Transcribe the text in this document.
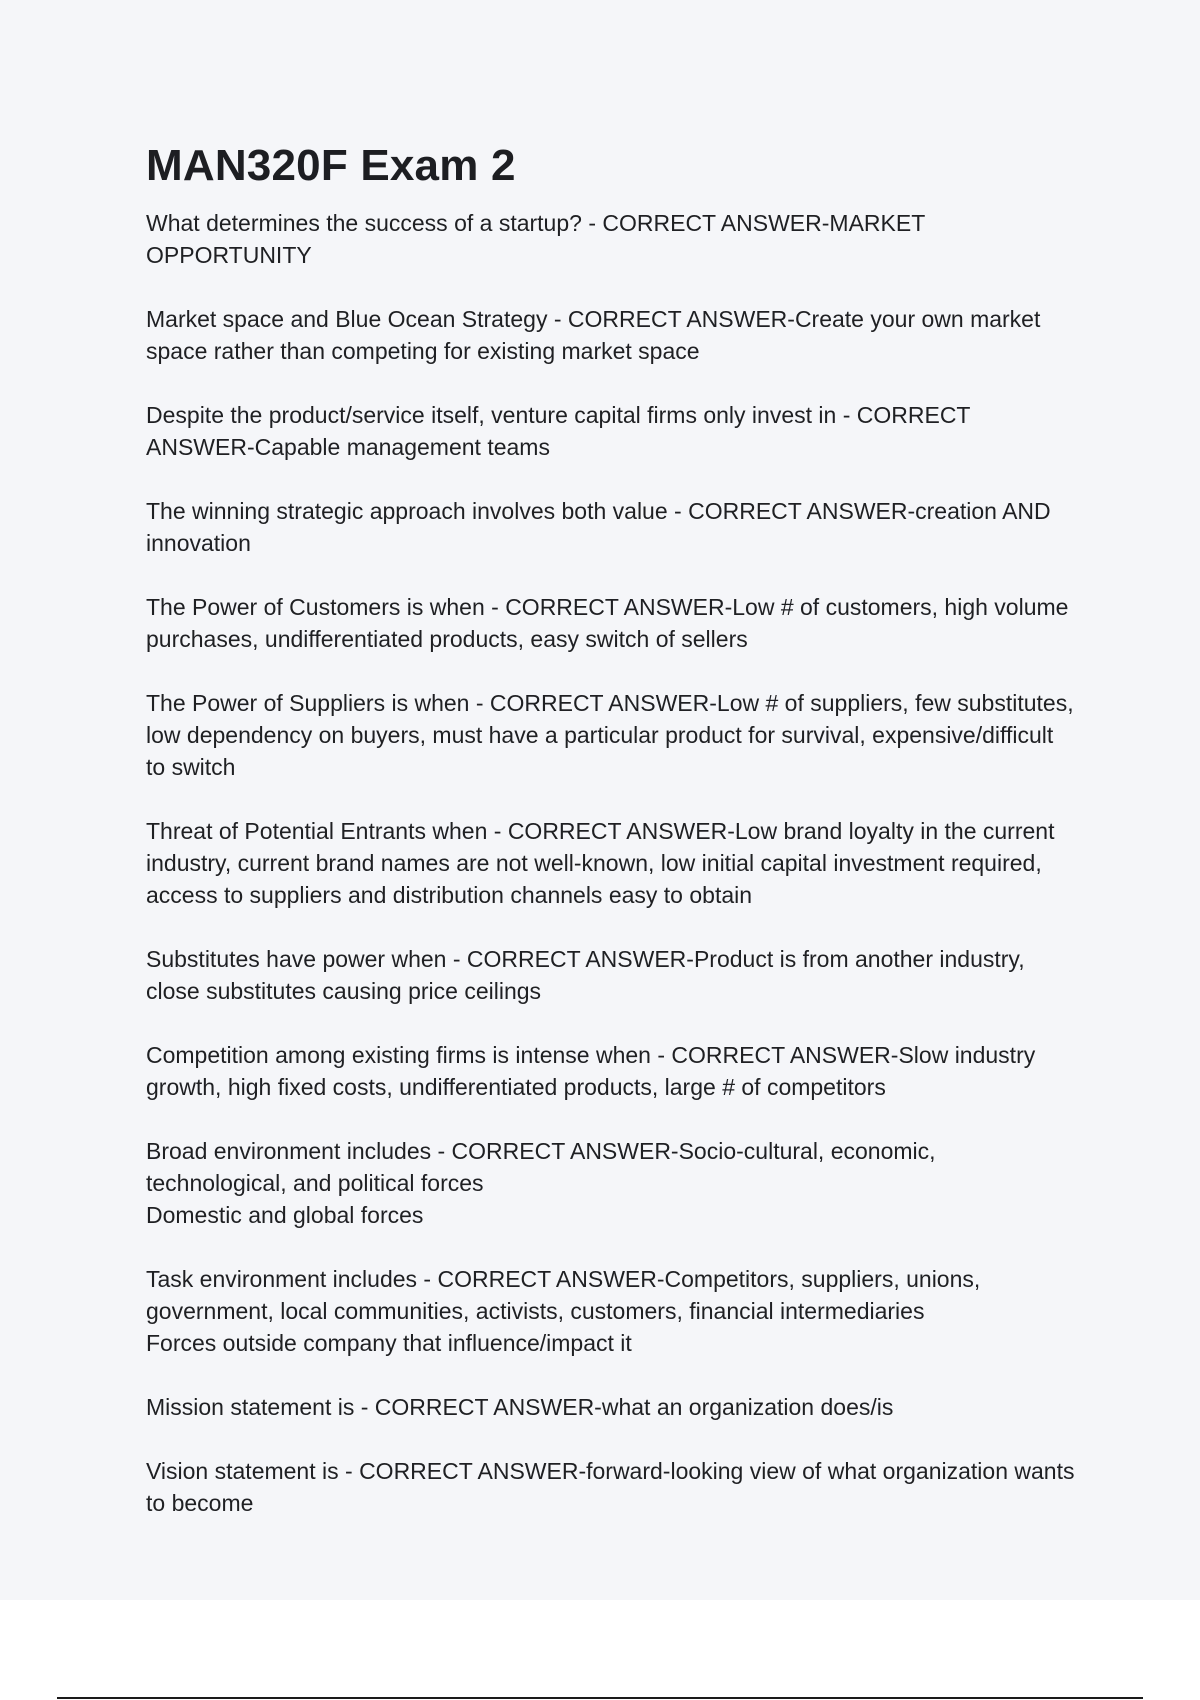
MAN320F Exam 2

What determines the success of a startup? - CORRECT ANSWER-MARKET OPPORTUNITY

Market space and Blue Ocean Strategy - CORRECT ANSWER-Create your own market space rather than competing for existing market space

Despite the product/service itself, venture capital firms only invest in - CORRECT ANSWER-Capable management teams

The winning strategic approach involves both value - CORRECT ANSWER-creation AND innovation

The Power of Customers is when - CORRECT ANSWER-Low # of customers, high volume purchases, undifferentiated products, easy switch of sellers

The Power of Suppliers is when - CORRECT ANSWER-Low # of suppliers, few substitutes, low dependency on buyers, must have a particular product for survival, expensive/difficult to switch

Threat of Potential Entrants when - CORRECT ANSWER-Low brand loyalty in the current industry, current brand names are not well-known, low initial capital investment required, access to suppliers and distribution channels easy to obtain

Substitutes have power when - CORRECT ANSWER-Product is from another industry, close substitutes causing price ceilings

Competition among existing firms is intense when - CORRECT ANSWER-Slow industry growth, high fixed costs, undifferentiated products, large # of competitors

Broad environment includes - CORRECT ANSWER-Socio-cultural, economic, technological, and political forces
Domestic and global forces

Task environment includes - CORRECT ANSWER-Competitors, suppliers, unions, government, local communities, activists, customers, financial intermediaries
Forces outside company that influence/impact it

Mission statement is - CORRECT ANSWER-what an organization does/is

Vision statement is - CORRECT ANSWER-forward-looking view of what organization wants to become
